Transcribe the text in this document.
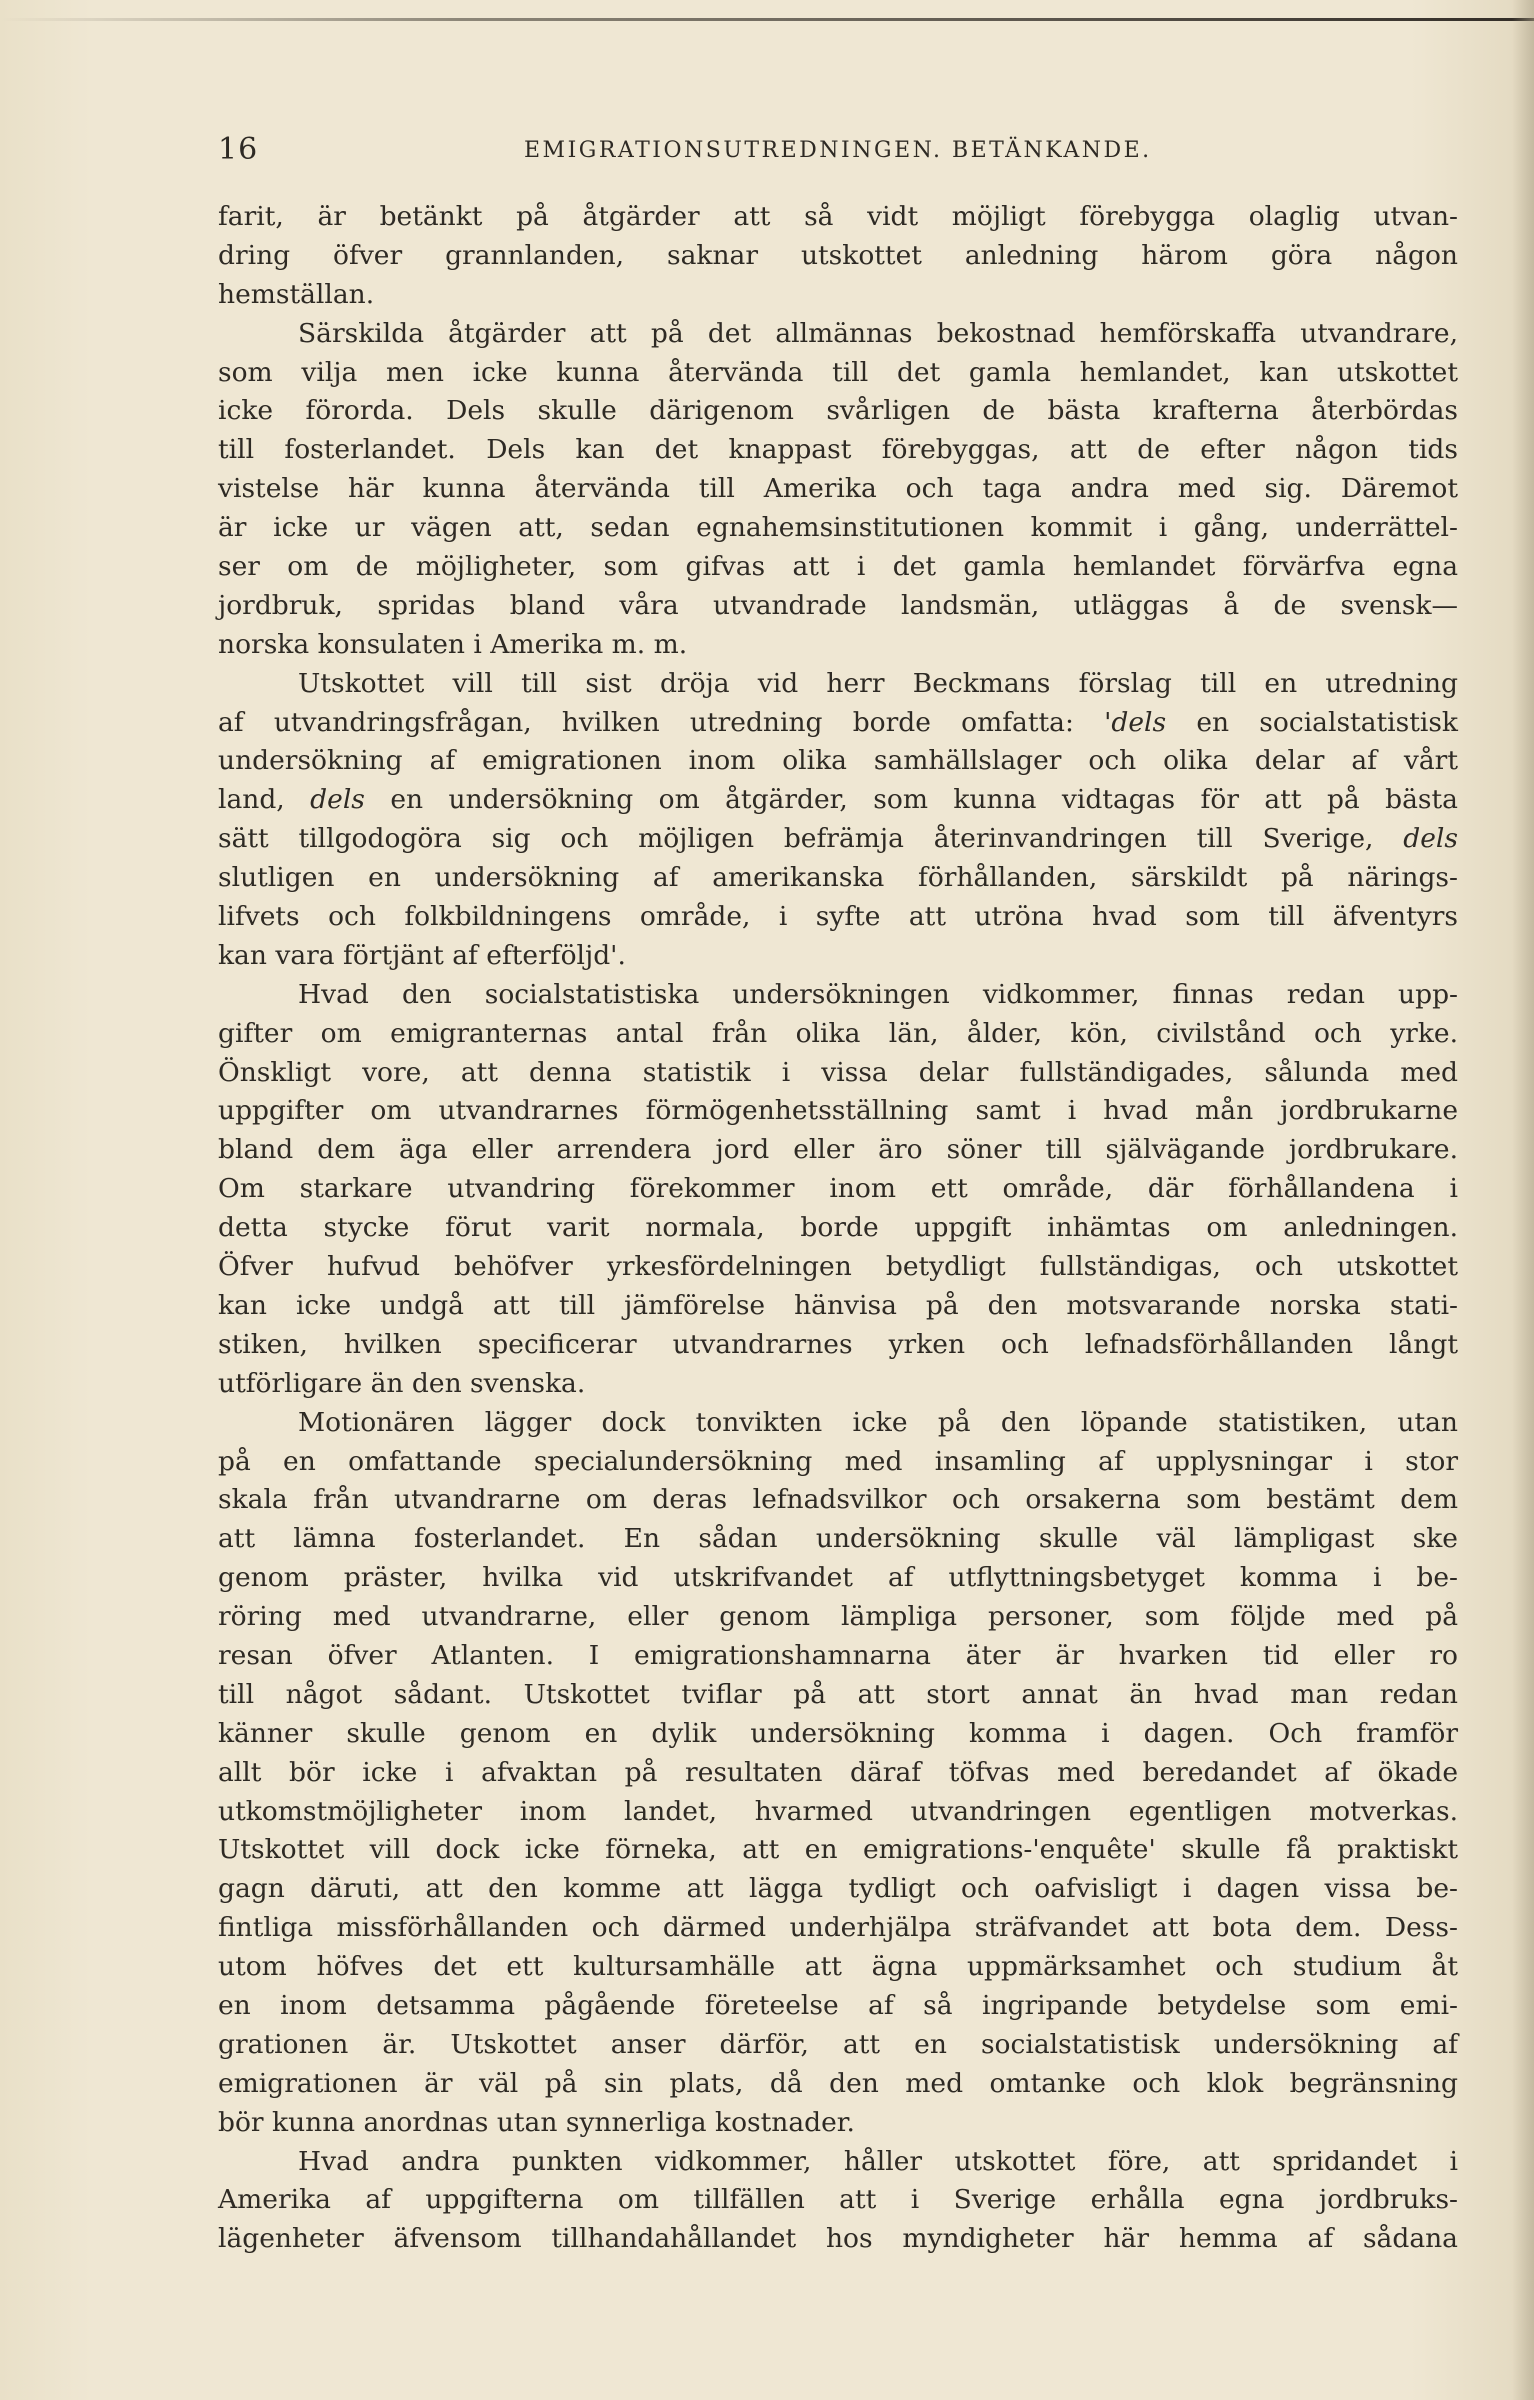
16	EMIGRATIONSUTREDNINGEN. BETÄNKANDE.
farit, är betänkt på åtgärder att så vidt möjligt förebygga olaglig utvan-
dring öfver grannlanden, saknar utskottet anledning härom göra någon
hemställan.
Särskilda åtgärder att på det allmännas bekostnad hemförskaffa utvandrare,
som vilja men icke kunna återvända till det gamla hemlandet, kan utskottet
icke förorda. Dels skulle därigenom svårligen de bästa krafterna återbördas
till fosterlandet. Dels kan det knappast förebyggas, att de efter någon tids
vistelse här kunna återvända till Amerika och taga andra med sig. Däremot
är icke ur vägen att, sedan egnahemsinstitutionen kommit i gång, underrättel-
ser om de möjligheter, som gifvas att i det gamla hemlandet förvärfva egna
jordbruk, spridas bland våra utvandrade landsmän, utläggas å de svensk—
norska konsulaten i Amerika m. m.
Utskottet vill till sist dröja vid herr Beckmans förslag till en utredning
af utvandringsfrågan, hvilken utredning borde omfatta: 'dels en socialstatistisk
undersökning af emigrationen inom olika samhällslager och olika delar af vårt
land, dels en undersökning om åtgärder, som kunna vidtagas för att på bästa
sätt tillgodogöra sig och möjligen befrämja återinvandringen till Sverige, dels
slutligen en undersökning af amerikanska förhållanden, särskildt på närings-
lifvets och folkbildningens område, i syfte att utröna hvad som till äfventyrs
kan vara förtjänt af efterföljd'.
Hvad den socialstatistiska undersökningen vidkommer, finnas redan upp-
gifter om emigranternas antal från olika län, ålder, kön, civilstånd och yrke.
Önskligt vore, att denna statistik i vissa delar fullständigades, sålunda med
uppgifter om utvandrarnes förmögenhetsställning samt i hvad mån jordbrukarne
bland dem äga eller arrendera jord eller äro söner till självägande jordbrukare.
Om starkare utvandring förekommer inom ett område, där förhållandena i
detta stycke förut varit normala, borde uppgift inhämtas om anledningen.
Öfver hufvud behöfver yrkesfördelningen betydligt fullständigas, och utskottet
kan icke undgå att till jämförelse hänvisa på den motsvarande norska stati-
stiken, hvilken specificerar utvandrarnes yrken och lefnadsförhållanden långt
utförligare än den svenska.
Motionären lägger dock tonvikten icke på den löpande statistiken, utan
på en omfattande specialundersökning med insamling af upplysningar i stor
skala från utvandrarne om deras lefnadsvilkor och orsakerna som bestämt dem
att lämna fosterlandet. En sådan undersökning skulle väl lämpligast ske
genom präster, hvilka vid utskrifvandet af utflyttningsbetyget komma i be-
röring med utvandrarne, eller genom lämpliga personer, som följde med på
resan öfver Atlanten. I emigrationshamnarna äter är hvarken tid eller ro
till något sådant. Utskottet tviflar på att stort annat än hvad man redan
känner skulle genom en dylik undersökning komma i dagen. Och framför
allt bör icke i afvaktan på resultaten däraf töfvas med beredandet af ökade
utkomstmöjligheter inom landet, hvarmed utvandringen egentligen motverkas.
Utskottet vill dock icke förneka, att en emigrations-'enquête' skulle få praktiskt
gagn däruti, att den komme att lägga tydligt och oafvisligt i dagen vissa be-
fintliga missförhållanden och därmed underhjälpa sträfvandet att bota dem. Dess-
utom höfves det ett kultursamhälle att ägna uppmärksamhet och studium åt
en inom detsamma pågående företeelse af så ingripande betydelse som emi-
grationen är. Utskottet anser därför, att en socialstatistisk undersökning af
emigrationen är väl på sin plats, då den med omtanke och klok begränsning
bör kunna anordnas utan synnerliga kostnader.
Hvad andra punkten vidkommer, håller utskottet före, att spridandet i
Amerika af uppgifterna om tillfällen att i Sverige erhålla egna jordbruks-
lägenheter äfvensom tillhandahållandet hos myndigheter här hemma af sådana
